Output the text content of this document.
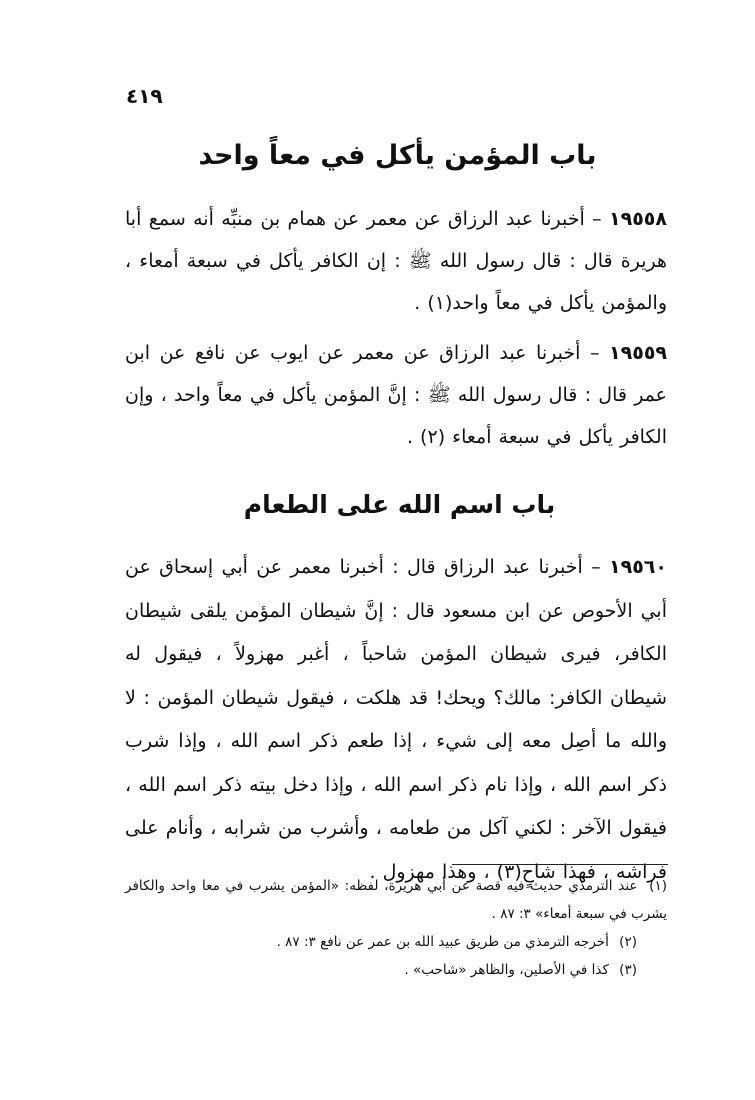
٤١٩
باب المؤمن يأكل في معاً واحد
١٩٥٥٨ – أخبرنا عبد الرزاق عن معمر عن همام بن منبِّه أنه سمع أبا هريرة قال : قال رسول الله ﷺ : إن الكافر يأكل في سبعة أمعاء ، والمؤمن يأكل في معاً واحد(١) .
١٩٥٥٩ – أخبرنا عبد الرزاق عن معمر عن ايوب عن نافع عن ابن عمر قال : قال رسول الله ﷺ : إنَّ المؤمن يأكل في معاً واحد ، وإن الكافر يأكل في سبعة أمعاء (٢) .
باب اسم الله على الطعام
١٩٥٦٠ – أخبرنا عبد الرزاق قال : أخبرنا معمر عن أبي إسحاق عن أبي الأحوص عن ابن مسعود قال : إنَّ شيطان المؤمن يلقى شيطان الكافر، فيرى شيطان المؤمن شاحباً ، أغبر مهزولاً ، فيقول له شيطان الكافر: مالك؟ ويحك! قد هلكت ، فيقول شيطان المؤمن : لا والله ما أصِل معه إلى شيء ، إذا طعم ذكر اسم الله ، وإذا شرب ذكر اسم الله ، وإذا نام ذكر اسم الله ، وإذا دخل بيته ذكر اسم الله ، فيقول الآخر : لكني آكل من طعامه ، وأشرب من شرابه ، وأنام على فراشه ، فهذا شاحٍ(٣) ، وهذا مهزول .
(١) عند الترمذي حديث فيه قصة عن أبي هريرة، لفظه: «المؤمن يشرب في معا واحد والكافر يشرب في سبعة أمعاء» ٣: ٨٧ .
(٢) أخرجه الترمذي من طريق عبيد الله بن عمر عن نافع ٣: ٨٧ .
(٣) كذا في الأصلين، والظاهر «شاحب» .
